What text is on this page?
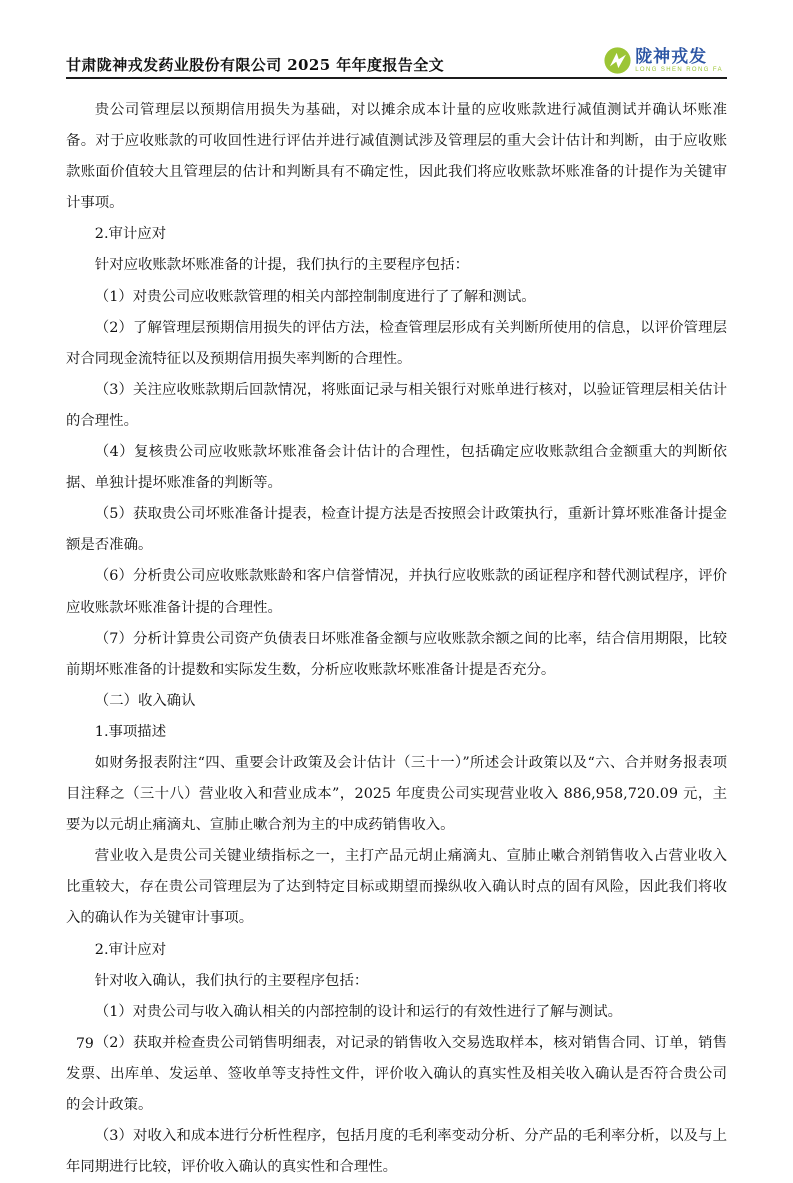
甘肃陇神戎发药业股份有限公司 2025 年年度报告全文	陇神戎发
LONG SHEN RONG FA

贵公司管理层以预期信用损失为基础，对以摊余成本计量的应收账款进行减值测试并确认坏账准备。对于应收账款的可收回性进行评估并进行减值测试涉及管理层的重大会计估计和判断，由于应收账款账面价值较大且管理层的估计和判断具有不确定性，因此我们将应收账款坏账准备的计提作为关键审计事项。

2.审计应对

针对应收账款坏账准备的计提，我们执行的主要程序包括：

（1）对贵公司应收账款管理的相关内部控制制度进行了了解和测试。

（2）了解管理层预期信用损失的评估方法，检查管理层形成有关判断所使用的信息，以评价管理层对合同现金流特征以及预期信用损失率判断的合理性。

（3）关注应收账款期后回款情况，将账面记录与相关银行对账单进行核对，以验证管理层相关估计的合理性。

（4）复核贵公司应收账款坏账准备会计估计的合理性，包括确定应收账款组合金额重大的判断依据、单独计提坏账准备的判断等。

（5）获取贵公司坏账准备计提表，检查计提方法是否按照会计政策执行，重新计算坏账准备计提金额是否准确。

（6）分析贵公司应收账款账龄和客户信誉情况，并执行应收账款的函证程序和替代测试程序，评价应收账款坏账准备计提的合理性。

（7）分析计算贵公司资产负债表日坏账准备金额与应收账款余额之间的比率，结合信用期限，比较前期坏账准备的计提数和实际发生数，分析应收账款坏账准备计提是否充分。

（二）收入确认

1.事项描述

如财务报表附注“四、重要会计政策及会计估计（三十一）”所述会计政策以及“六、合并财务报表项目注释之（三十八）营业收入和营业成本”，2025 年度贵公司实现营业收入 886,958,720.09 元，主要为以元胡止痛滴丸、宣肺止嗽合剂为主的中成药销售收入。

营业收入是贵公司关键业绩指标之一，主打产品元胡止痛滴丸、宣肺止嗽合剂销售收入占营业收入比重较大，存在贵公司管理层为了达到特定目标或期望而操纵收入确认时点的固有风险，因此我们将收入的确认作为关键审计事项。

2.审计应对

针对收入确认，我们执行的主要程序包括：

（1）对贵公司与收入确认相关的内部控制的设计和运行的有效性进行了解与测试。

（2）获取并检查贵公司销售明细表，对记录的销售收入交易选取样本，核对销售合同、订单，销售发票、出库单、发运单、签收单等支持性文件，评价收入确认的真实性及相关收入确认是否符合贵公司的会计政策。

（3）对收入和成本进行分析性程序，包括月度的毛利率变动分析、分产品的毛利率分析，以及与上年同期进行比较，评价收入确认的真实性和合理性。

79
